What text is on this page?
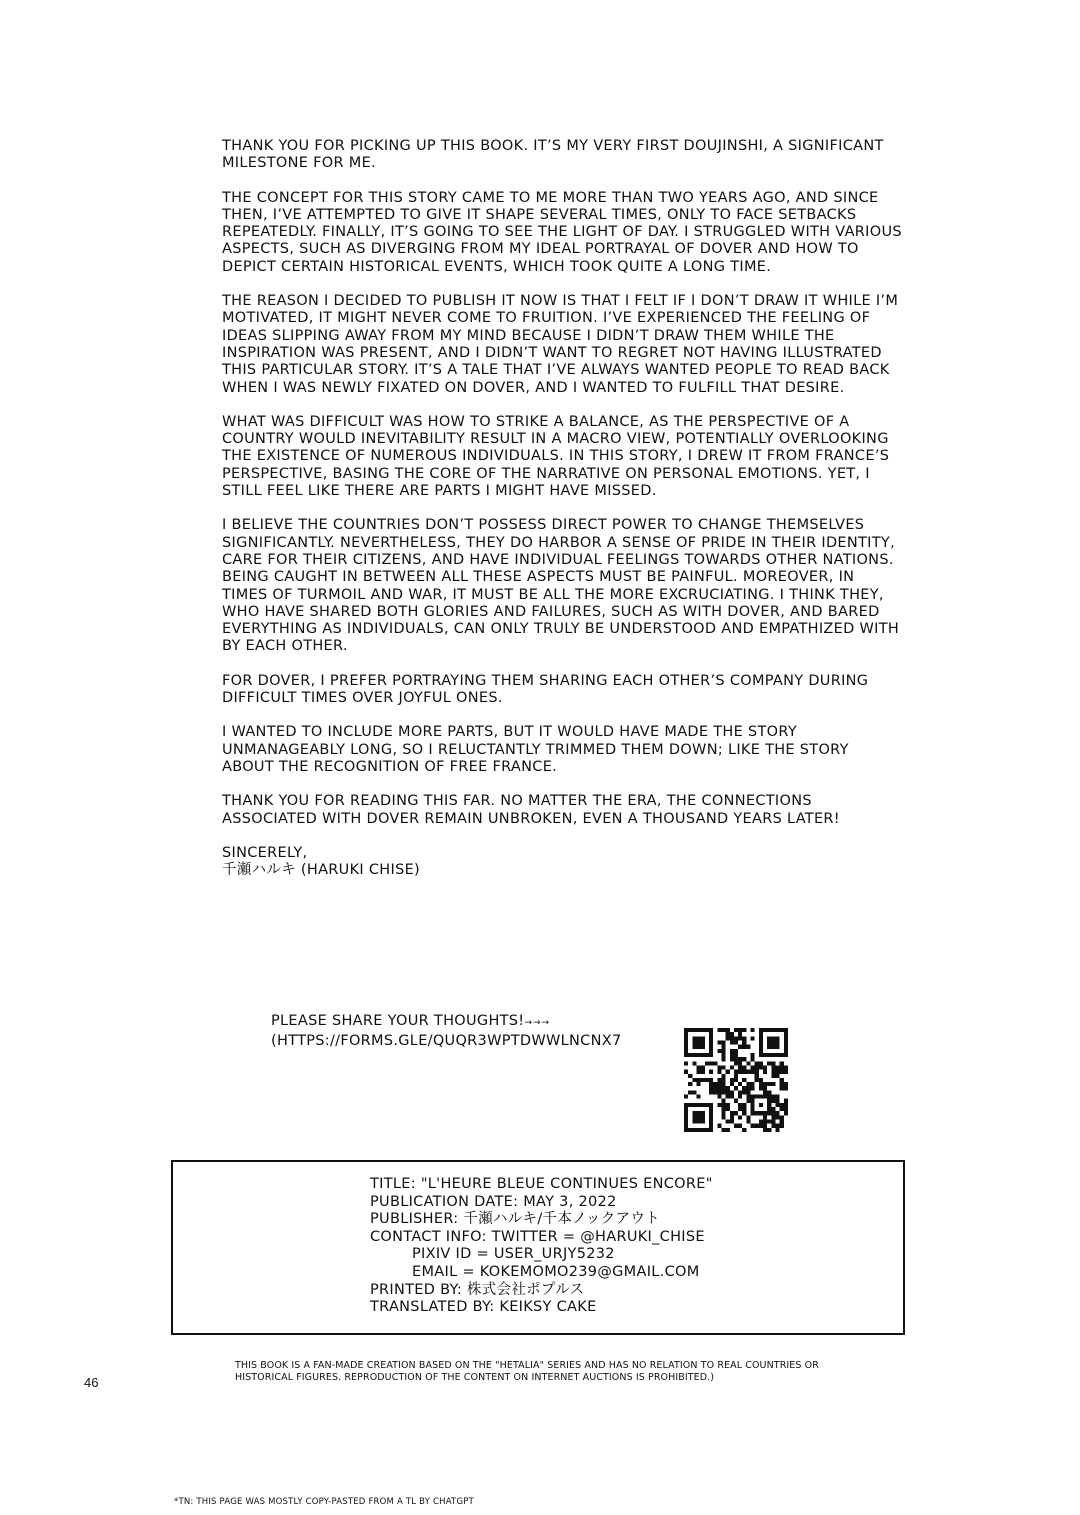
THANK YOU FOR PICKING UP THIS BOOK. IT’S MY VERY FIRST DOUJINSHI, A SIGNIFICANT MILESTONE FOR ME.

THE CONCEPT FOR THIS STORY CAME TO ME MORE THAN TWO YEARS AGO, AND SINCE THEN, I’VE ATTEMPTED TO GIVE IT SHAPE SEVERAL TIMES, ONLY TO FACE SETBACKS REPEATEDLY. FINALLY, IT’S GOING TO SEE THE LIGHT OF DAY. I STRUGGLED WITH VARIOUS ASPECTS, SUCH AS DIVERGING FROM MY IDEAL PORTRAYAL OF DOVER AND HOW TO DEPICT CERTAIN HISTORICAL EVENTS, WHICH TOOK QUITE A LONG TIME.

THE REASON I DECIDED TO PUBLISH IT NOW IS THAT I FELT IF I DON’T DRAW IT WHILE I’M MOTIVATED, IT MIGHT NEVER COME TO FRUITION. I’VE EXPERIENCED THE FEELING OF IDEAS SLIPPING AWAY FROM MY MIND BECAUSE I DIDN’T DRAW THEM WHILE THE INSPIRATION WAS PRESENT, AND I DIDN’T WANT TO REGRET NOT HAVING ILLUSTRATED THIS PARTICULAR STORY. IT’S A TALE THAT I’VE ALWAYS WANTED PEOPLE TO READ BACK WHEN I WAS NEWLY FIXATED ON DOVER, AND I WANTED TO FULFILL THAT DESIRE.

WHAT WAS DIFFICULT WAS HOW TO STRIKE A BALANCE, AS THE PERSPECTIVE OF A COUNTRY WOULD INEVITABILITY RESULT IN A MACRO VIEW, POTENTIALLY OVERLOOKING THE EXISTENCE OF NUMEROUS INDIVIDUALS. IN THIS STORY, I DREW IT FROM FRANCE’S PERSPECTIVE, BASING THE CORE OF THE NARRATIVE ON PERSONAL EMOTIONS. YET, I STILL FEEL LIKE THERE ARE PARTS I MIGHT HAVE MISSED.

I BELIEVE THE COUNTRIES DON’T POSSESS DIRECT POWER TO CHANGE THEMSELVES SIGNIFICANTLY. NEVERTHELESS, THEY DO HARBOR A SENSE OF PRIDE IN THEIR IDENTITY, CARE FOR THEIR CITIZENS, AND HAVE INDIVIDUAL FEELINGS TOWARDS OTHER NATIONS. BEING CAUGHT IN BETWEEN ALL THESE ASPECTS MUST BE PAINFUL. MOREOVER, IN TIMES OF TURMOIL AND WAR, IT MUST BE ALL THE MORE EXCRUCIATING. I THINK THEY, WHO HAVE SHARED BOTH GLORIES AND FAILURES, SUCH AS WITH DOVER, AND BARED EVERYTHING AS INDIVIDUALS, CAN ONLY TRULY BE UNDERSTOOD AND EMPATHIZED WITH BY EACH OTHER.

FOR DOVER, I PREFER PORTRAYING THEM SHARING EACH OTHER’S COMPANY DURING DIFFICULT TIMES OVER JOYFUL ONES.

I WANTED TO INCLUDE MORE PARTS, BUT IT WOULD HAVE MADE THE STORY UNMANAGEABLY LONG, SO I RELUCTANTLY TRIMMED THEM DOWN; LIKE THE STORY ABOUT THE RECOGNITION OF FREE FRANCE.

THANK YOU FOR READING THIS FAR. NO MATTER THE ERA, THE CONNECTIONS ASSOCIATED WITH DOVER REMAIN UNBROKEN, EVEN A THOUSAND YEARS LATER!

SINCERELY,
千瀬ハルキ (HARUKI CHISE)
PLEASE SHARE YOUR THOUGHTS!→→→
(HTTPS://FORMS.GLE/QUQR3WPTDWWLNCNX7
TITLE: "L'HEURE BLEUE CONTINUES ENCORE"
PUBLICATION DATE: MAY 3, 2022
PUBLISHER: 千瀬ハルキ/千本ノックアウト
CONTACT INFO: TWITTER = @HARUKI_CHISE
PIXIV ID = USER_URJY5232
EMAIL = KOKEMOMO239@GMAIL.COM
PRINTED BY: 株式会社ポプルス
TRANSLATED BY: KEIKSY CAKE
THIS BOOK IS A FAN-MADE CREATION BASED ON THE "HETALIA" SERIES AND HAS NO RELATION TO REAL COUNTRIES OR HISTORICAL FIGURES. REPRODUCTION OF THE CONTENT ON INTERNET AUCTIONS IS PROHIBITED.)
46
*TN: THIS PAGE WAS MOSTLY COPY-PASTED FROM A TL BY CHATGPT
